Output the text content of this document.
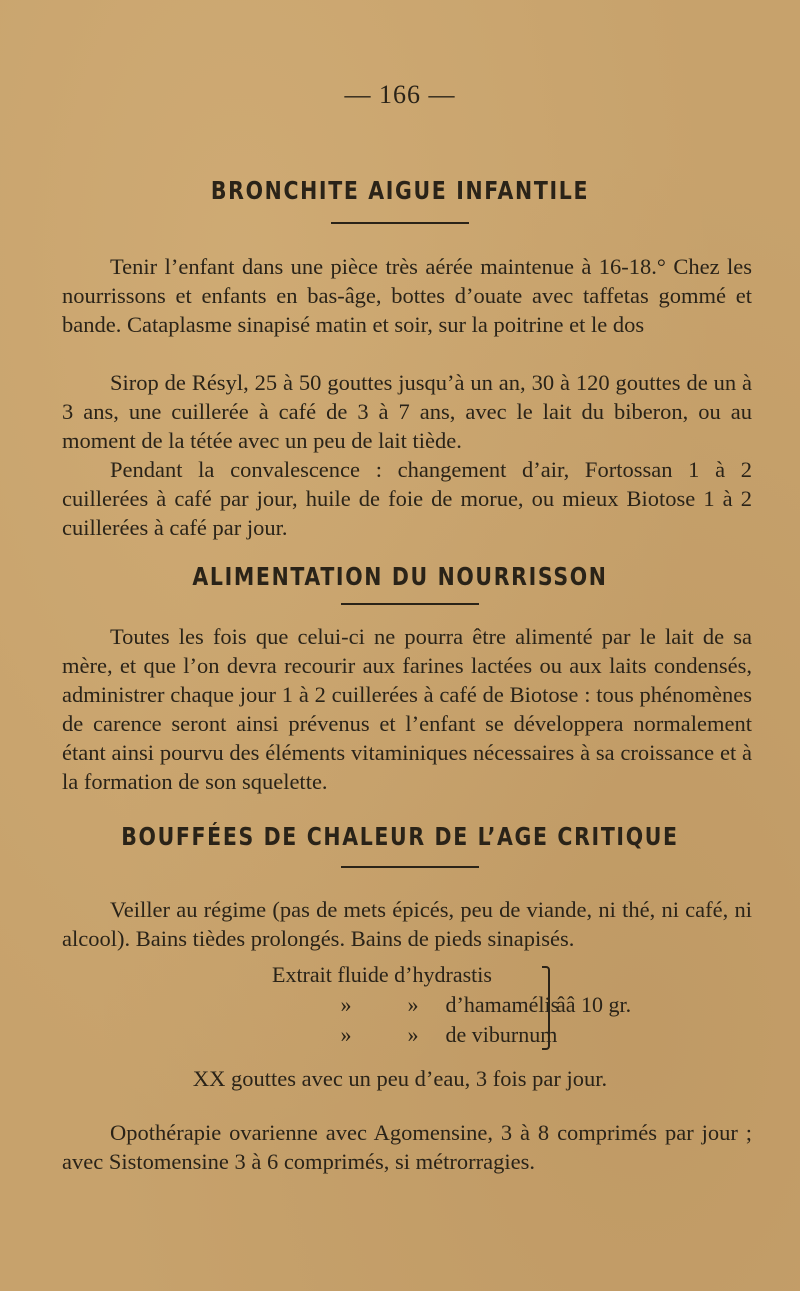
— 166 —
BRONCHITE AIGUE INFANTILE

Tenir l’enfant dans une pièce très aérée maintenue à 16-18.° Chez les nourrissons et enfants en bas-âge, bottes d’ouate avec taffetas gommé et bande. Cataplasme sinapisé matin et soir, sur la poitrine et le dos

Sirop de Résyl, 25 à 50 gouttes jusqu’à un an, 30 à 120 gouttes de un à 3 ans, une cuillerée à café de 3 à 7 ans, avec le lait du biberon, ou au moment de la tétée avec un peu de lait tiède.

Pendant la convalescence : changement d’air, Fortossan 1 à 2 cuillerées à café par jour, huile de foie de morue, ou mieux Biotose 1 à 2 cuillerées à café par jour.

ALIMENTATION DU NOURRISSON

Toutes les fois que celui-ci ne pourra être alimenté par le lait de sa mère, et que l’on devra recourir aux farines lactées ou aux laits condensés, administrer chaque jour 1 à 2 cuillerées à café de Biotose : tous phénomènes de carence seront ainsi prévenus et l’enfant se développera normalement étant ainsi pourvu des éléments vitaminiques nécessaires à sa croissance et à la formation de son squelette.

BOUFFÉES DE CHALEUR DE L’AGE CRITIQUE

Veiller au régime (pas de mets épicés, peu de viande, ni thé, ni café, ni alcool). Bains tièdes prolongés. Bains de pieds sinapisés.

Extrait fluide d’hydrastis
»	» d’hamamélis
»	» de viburnum
ââ 10 gr.
XX gouttes avec un peu d’eau, 3 fois par jour.

Opothérapie ovarienne avec Agomensine, 3 à 8 comprimés par jour ; avec Sistomensine 3 à 6 comprimés, si métrorragies.
